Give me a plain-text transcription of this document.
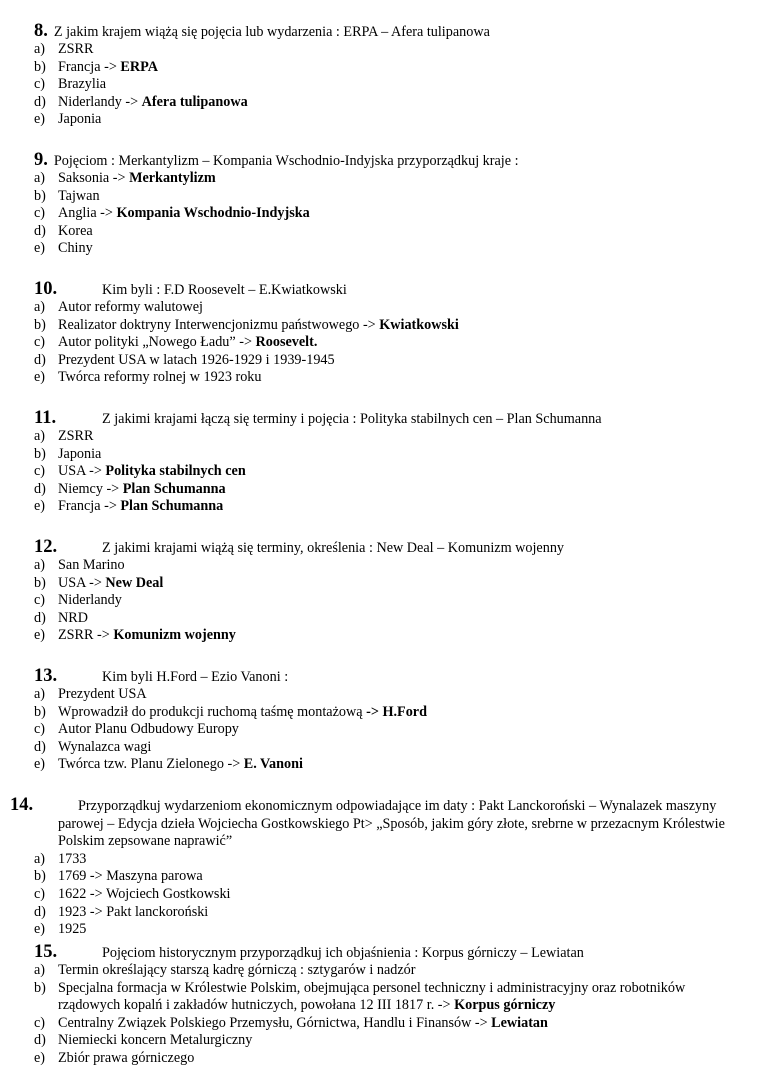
8. Z jakim krajem wiążą się pojęcia lub wydarzenia : ERPA – Afera tulipanowa
a) ZSRR
b) Francja -> ERPA
c) Brazylia
d) Niderlandy -> Afera tulipanowa
e) Japonia
9. Pojęciom : Merkantylizm – Kompania Wschodnio-Indyjska przyporządkuj kraje :
a) Saksonia -> Merkantylizm
b) Tajwan
c) Anglia -> Kompania Wschodnio-Indyjska
d) Korea
e) Chiny
10.	Kim byli : F.D Roosevelt – E.Kwiatkowski
a) Autor reformy walutowej
b) Realizator doktryny Interwencjonizmu państwowego -> Kwiatkowski
c) Autor polityki „Nowego Ładu” -> Roosevelt.
d) Prezydent USA w latach 1926-1929 i 1939-1945
e) Twórca reformy rolnej w 1923 roku
11.	Z jakimi krajami łączą się terminy i pojęcia : Polityka stabilnych cen – Plan Schumanna
a) ZSRR
b) Japonia
c) USA -> Polityka stabilnych cen
d) Niemcy -> Plan Schumanna
e) Francja -> Plan Schumanna
12.	Z jakimi krajami wiążą się terminy, określenia : New Deal – Komunizm wojenny
a) San Marino
b) USA -> New Deal
c) Niderlandy
d) NRD
e) ZSRR -> Komunizm wojenny
13.	Kim byli H.Ford – Ezio Vanoni :
a) Prezydent USA
b) Wprowadził do produkcji ruchomą taśmę montażową -> H.Ford
c) Autor Planu Odbudowy Europy
d) Wynalazca wagi
e) Twórca tzw. Planu Zielonego -> E. Vanoni
14.	Przyporządkuj wydarzeniom ekonomicznym odpowiadające im daty : Pakt Lanckoroński – Wynalazek maszyny parowej – Edycja dzieła Wojciecha Gostkowskiego Pt> „Sposób, jakim góry złote, srebrne w przezacnym Królestwie Polskim zepsowane naprawić”
a) 1733
b) 1769 -> Maszyna parowa
c) 1622 -> Wojciech Gostkowski
d) 1923 -> Pakt lanckoroński
e) 1925
15.	Pojęciom historycznym przyporządkuj ich objaśnienia : Korpus górniczy – Lewiatan
a) Termin określający starszą kadrę górniczą : sztygarów i nadzór
b) Specjalna formacja w Królestwie Polskim, obejmująca personel techniczny i administracyjny oraz robotników rządowych kopalń i zakładów hutniczych, powołana 12 III 1817 r. -> Korpus górniczy
c) Centralny Związek Polskiego Przemysłu, Górnictwa, Handlu i Finansów -> Lewiatan
d) Niemiecki koncern Metalurgiczny
e) Zbiór prawa górniczego
